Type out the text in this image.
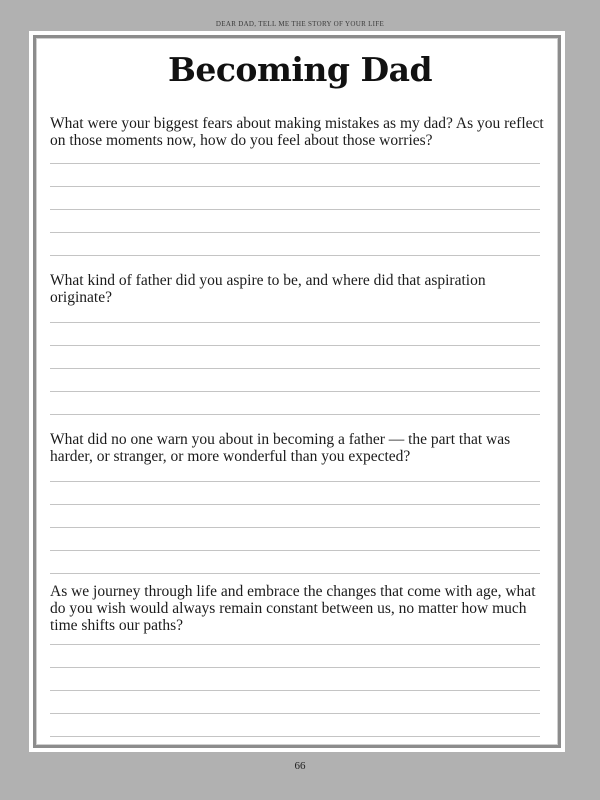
DEAR DAD, TELL ME THE STORY OF YOUR LIFE
Becoming Dad

What were your biggest fears about making mistakes as my dad? As you reflect on those moments now, how do you feel about those worries?

What kind of father did you aspire to be, and where did that aspiration originate?

What did no one warn you about in becoming a father — the part that was harder, or stranger, or more wonderful than you expected?

As we journey through life and embrace the changes that come with age, what do you wish would always remain constant between us, no matter how much time shifts our paths?

66
